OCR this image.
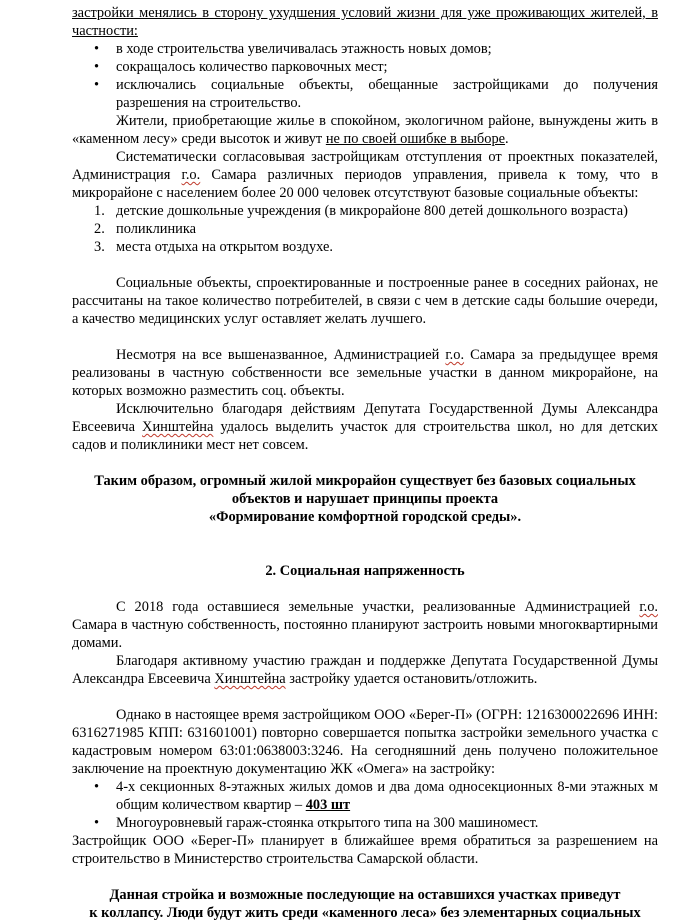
застройки менялись в сторону ухудшения условий жизни для уже проживающих жителей, в частности:

• в ходе строительства увеличивалась этажность новых домов;
• сокращалось количество парковочных мест;
• исключались социальные объекты, обещанные застройщиками до получения разрешения на строительство.

Жители, приобретающие жилье в спокойном, экологичном районе, вынуждены жить в «каменном лесу» среди высоток и живут не по своей ошибке в выборе.

Систематически согласовывая застройщикам отступления от проектных показателей, Администрация г.о. Самара различных периодов управления, привела к тому, что в микрорайоне с населением более 20 000 человек отсутствуют базовые социальные объекты:

1. детские дошкольные учреждения (в микрорайоне 800 детей дошкольного возраста)
2. поликлиника
3. места отдыха на открытом воздухе.

Социальные объекты, спроектированные и построенные ранее в соседних районах, не рассчитаны на такое количество потребителей, в связи с чем в детские сады большие очереди, а качество медицинских услуг оставляет желать лучшего.

Несмотря на все вышеназванное, Администрацией г.о. Самара за предыдущее время реализованы в частную собственности все земельные участки в данном микрорайоне, на которых возможно разместить соц. объекты.

Исключительно благодаря действиям Депутата Государственной Думы Александра Евсеевича Хинштейна удалось выделить участок для строительства школ, но для детских садов и поликлиники мест нет совсем.

Таким образом, огромный жилой микрорайон существует без базовых социальных
объектов и нарушает принципы проекта
«Формирование комфортной городской среды».
2. Социальная напряженность

С 2018 года оставшиеся земельные участки, реализованные Администрацией г.о. Самара в частную собственность, постоянно планируют застроить новыми многоквартирными домами.

Благодаря активному участию граждан и поддержке Депутата Государственной Думы Александра Евсеевича Хинштейна застройку удается остановить/отложить.

Однако в настоящее время застройщиком ООО «Берег-П» (ОГРН: 1216300022696 ИНН: 6316271985 КПП: 631601001) повторно совершается попытка застройки земельного участка с кадастровым номером 63:01:0638003:3246. На сегодняшний день получено положительное заключение на проектную документацию ЖК «Омега» на застройку:

• 4-х секционных 8-этажных жилых домов и два дома односекционных 8-ми этажных м общим количеством квартир – 403 шт
• Многоуровневый гараж-стоянка открытого типа на 300 машиномест.

Застройщик ООО «Берег-П» планирует в ближайшее время обратиться за разрешением на строительство в Министерство строительства Самарской области.

Данная стройка и возможные последующие на оставшихся участках приведут
к коллапсу. Люди будут жить среди «каменного леса» без элементарных социальных
